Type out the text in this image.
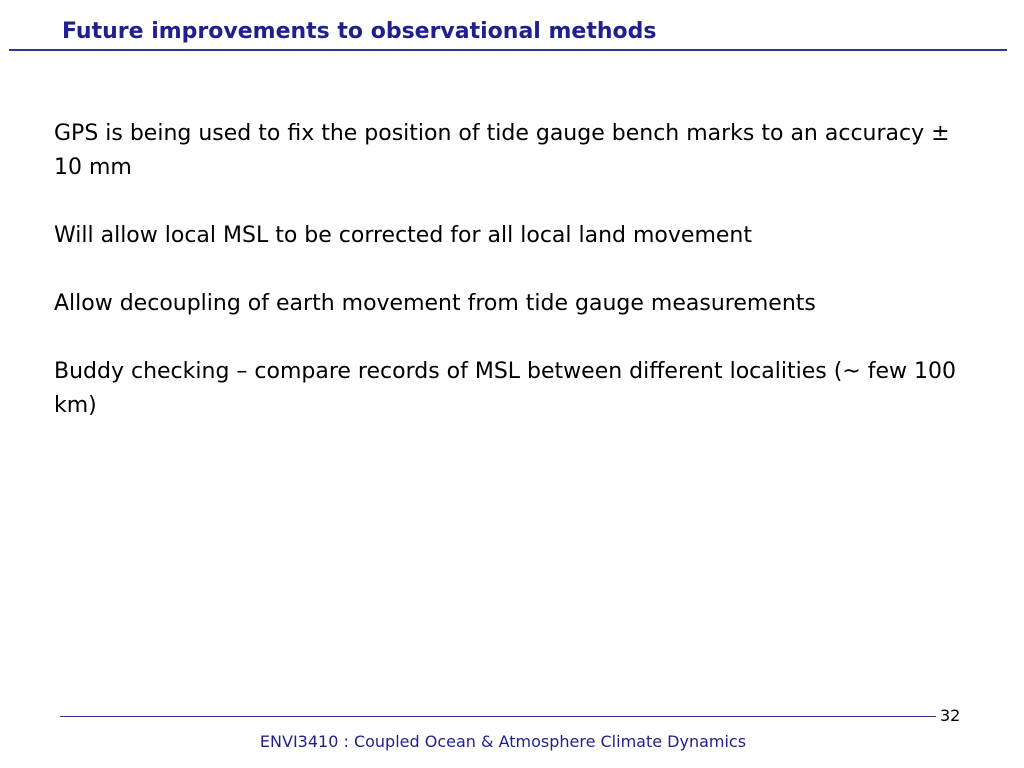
Future improvements to observational methods

GPS is being used to fix the position of tide gauge bench marks to an accuracy ± 10 mm

Will allow local MSL to be corrected for all local land movement

Allow decoupling of earth movement from tide gauge measurements

Buddy checking – compare records of MSL between different localities (~ few 100 km)

32
ENVI3410 : Coupled Ocean & Atmosphere Climate Dynamics
